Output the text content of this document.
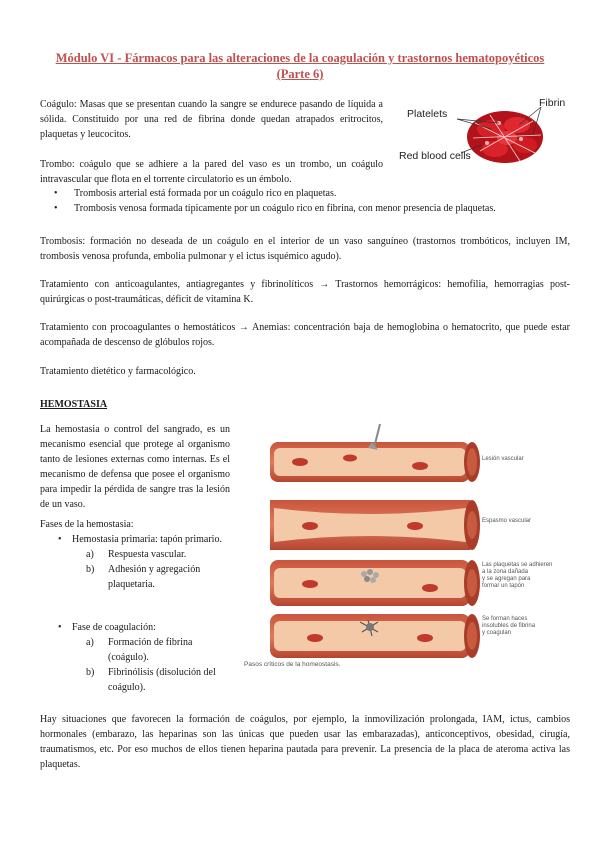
Módulo VI - Fármacos para las alteraciones de la coagulación y trastornos hematopoyéticos (Parte 6)

Coágulo: Masas que se presentan cuando la sangre se endurece pasando de líquida a sólida. Constituido por una red de fibrina donde quedan atrapados eritrocitos, plaquetas y leucocitos.

Platelets
Fibrin
Red blood cells

Trombo: coágulo que se adhiere a la pared del vaso es un trombo, un coágulo intravascular que flota en el torrente circulatorio es un émbolo.

• Trombosis arterial está formada por un coágulo rico en plaquetas.
• Trombosis venosa formada típicamente por un coágulo rico en fibrina, con menor presencia de plaquetas.

Trombosis: formación no deseada de un coágulo en el interior de un vaso sanguíneo (trastornos trombóticos, incluyen IM, trombosis venosa profunda, embolia pulmonar y el ictus isquémico agudo).

Tratamiento con anticoagulantes, antiagregantes y fibrinolíticos → Trastornos hemorrágicos: hemofilia, hemorragias post-quirúrgicas o post-traumáticas, déficit de vitamina K.

Tratamiento con procoagulantes o hemostáticos → Anemias: concentración baja de hemoglobina o hematocrito, que puede estar acompañada de descenso de glóbulos rojos.

Tratamiento dietético y farmacológico.

HEMOSTASIA

La hemostasia o control del sangrado, es un mecanismo esencial que protege al organismo tanto de lesiones externas como internas. Es el mecanismo de defensa que posee el organismo para impedir la pérdida de sangre tras la lesión de un vaso.

Fases de la hemostasia:
• Hemostasia primaria: tapón primario.
a) Respuesta vascular.
b) Adhesión y agregación plaquetaria.
• Fase de coagulación:
a) Formación de fibrina (coágulo).
b) Fibrinólisis (disolución del coágulo).
Lesión vascular
Espasmo vascular
Las plaquetas se adhieren a la zona dañada y se agregan para formar un tapón
Se forman haces insolubles de fibrina y coagulan
Pasos críticos de la homeostasis.

Hay situaciones que favorecen la formación de coágulos, por ejemplo, la inmovilización prolongada, IAM, ictus, cambios hormonales (embarazo, las heparinas son las únicas que pueden usar las embarazadas), anticonceptivos, obesidad, cirugía, traumatismos, etc. Por eso muchos de ellos tienen heparina pautada para prevenir. La presencia de la placa de ateroma activa las plaquetas.
